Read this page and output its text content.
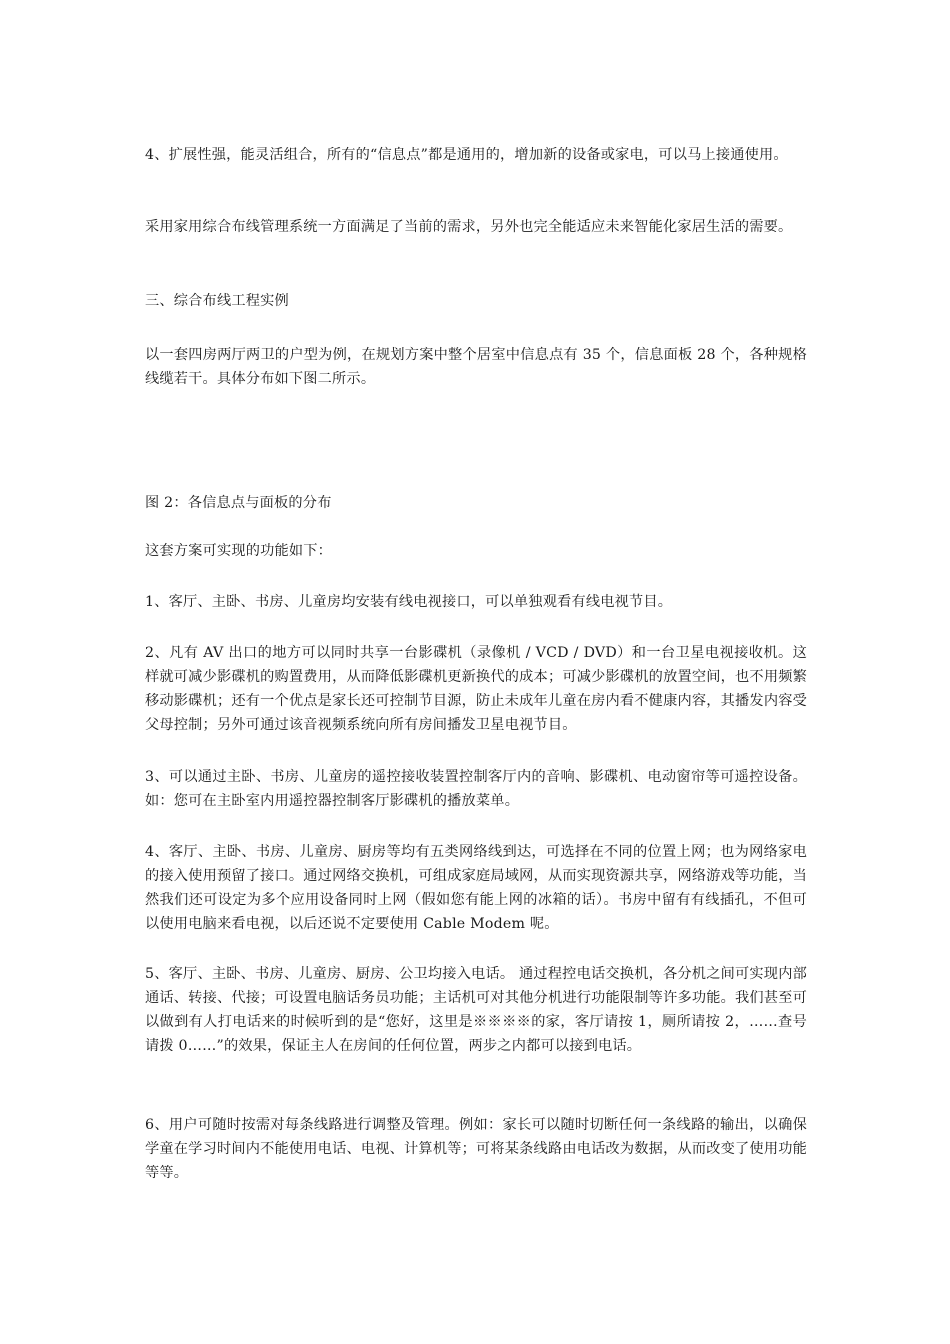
4、扩展性强，能灵活组合，所有的“信息点”都是通用的，增加新的设备或家电，可以马上接通使用。

采用家用综合布线管理系统一方面满足了当前的需求，另外也完全能适应未来智能化家居生活的需要。

三、综合布线工程实例

以一套四房两厅两卫的户型为例，在规划方案中整个居室中信息点有 35 个，信息面板 28 个，各种规格线缆若干。具体分布如下图二所示。

图 2：各信息点与面板的分布

这套方案可实现的功能如下：

1、客厅、主卧、书房、儿童房均安装有线电视接口，可以单独观看有线电视节目。

2、凡有 AV 出口的地方可以同时共享一台影碟机（录像机 / VCD / DVD）和一台卫星电视接收机。这样就可减少影碟机的购置费用，从而降低影碟机更新换代的成本；可减少影碟机的放置空间，也不用频繁移动影碟机；还有一个优点是家长还可控制节目源，防止未成年儿童在房内看不健康内容，其播发内容受父母控制；另外可通过该音视频系统向所有房间播发卫星电视节目。

3、可以通过主卧、书房、儿童房的遥控接收装置控制客厅内的音响、影碟机、电动窗帘等可遥控设备。如：您可在主卧室内用遥控器控制客厅影碟机的播放菜单。

4、客厅、主卧、书房、儿童房、厨房等均有五类网络线到达，可选择在不同的位置上网；也为网络家电的接入使用预留了接口。通过网络交换机，可组成家庭局域网，从而实现资源共享，网络游戏等功能，当然我们还可设定为多个应用设备同时上网（假如您有能上网的冰箱的话）。书房中留有有线插孔，不但可以使用电脑来看电视，以后还说不定要使用 Cable Modem 呢。

5、客厅、主卧、书房、儿童房、厨房、公卫均接入电话。 通过程控电话交换机，各分机之间可实现内部通话、转接、代接；可设置电脑话务员功能；主话机可对其他分机进行功能限制等许多功能。我们甚至可以做到有人打电话来的时候听到的是“您好，这里是※※※※的家，客厅请按 1，厕所请按 2，……查号请拨 0……”的效果，保证主人在房间的任何位置，两步之内都可以接到电话。

6、用户可随时按需对每条线路进行调整及管理。例如：家长可以随时切断任何一条线路的输出，以确保学童在学习时间内不能使用电话、电视、计算机等；可将某条线路由电话改为数据，从而改变了使用功能等等。
